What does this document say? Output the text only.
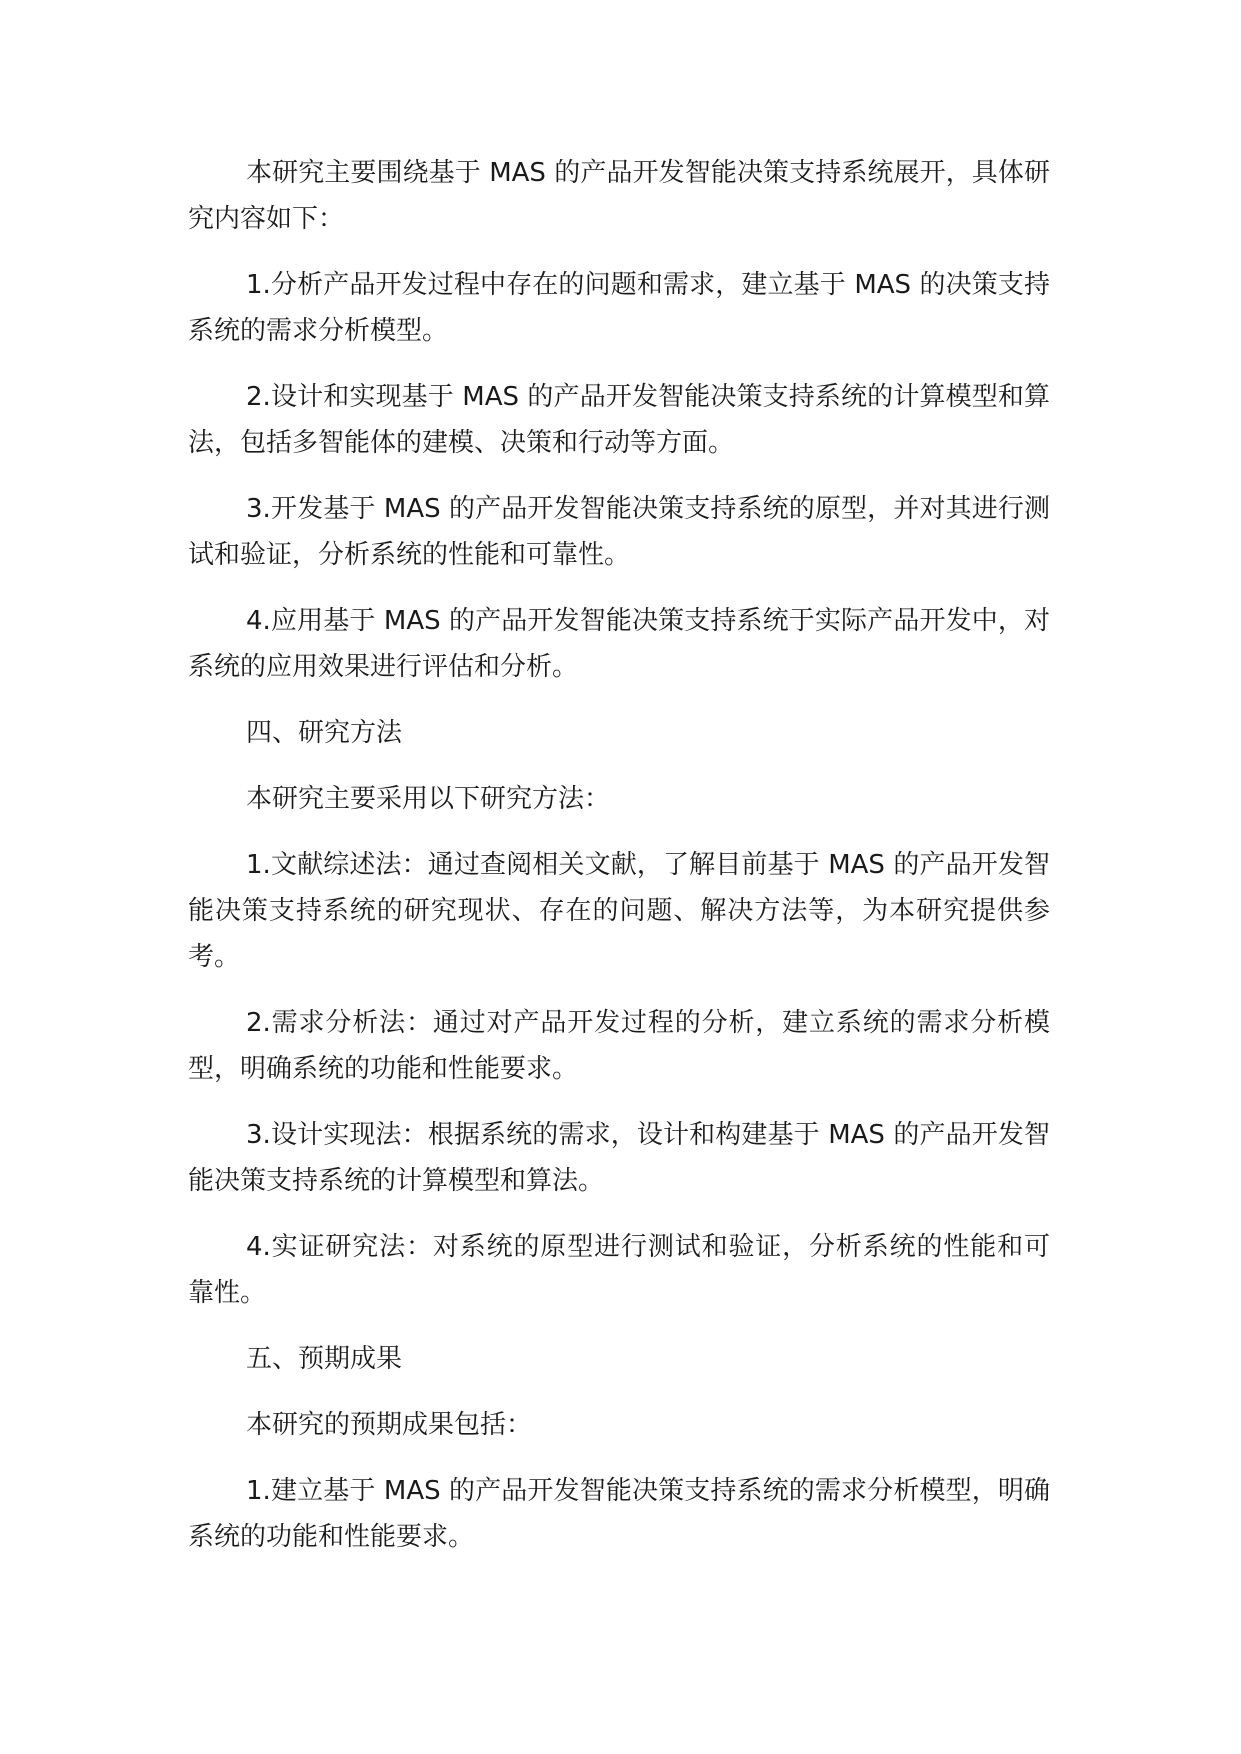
本研究主要围绕基于 MAS 的产品开发智能决策支持系统展开，具体研究内容如下：

1.分析产品开发过程中存在的问题和需求，建立基于 MAS 的决策支持系统的需求分析模型。

2.设计和实现基于 MAS 的产品开发智能决策支持系统的计算模型和算法，包括多智能体的建模、决策和行动等方面。

3.开发基于 MAS 的产品开发智能决策支持系统的原型，并对其进行测试和验证，分析系统的性能和可靠性。

4.应用基于 MAS 的产品开发智能决策支持系统于实际产品开发中，对系统的应用效果进行评估和分析。

四、研究方法

本研究主要采用以下研究方法：

1.文献综述法：通过查阅相关文献，了解目前基于 MAS 的产品开发智能决策支持系统的研究现状、存在的问题、解决方法等，为本研究提供参考。

2.需求分析法：通过对产品开发过程的分析，建立系统的需求分析模型，明确系统的功能和性能要求。

3.设计实现法：根据系统的需求，设计和构建基于 MAS 的产品开发智能决策支持系统的计算模型和算法。

4.实证研究法：对系统的原型进行测试和验证，分析系统的性能和可靠性。

五、预期成果

本研究的预期成果包括：

1.建立基于 MAS 的产品开发智能决策支持系统的需求分析模型，明确系统的功能和性能要求。
